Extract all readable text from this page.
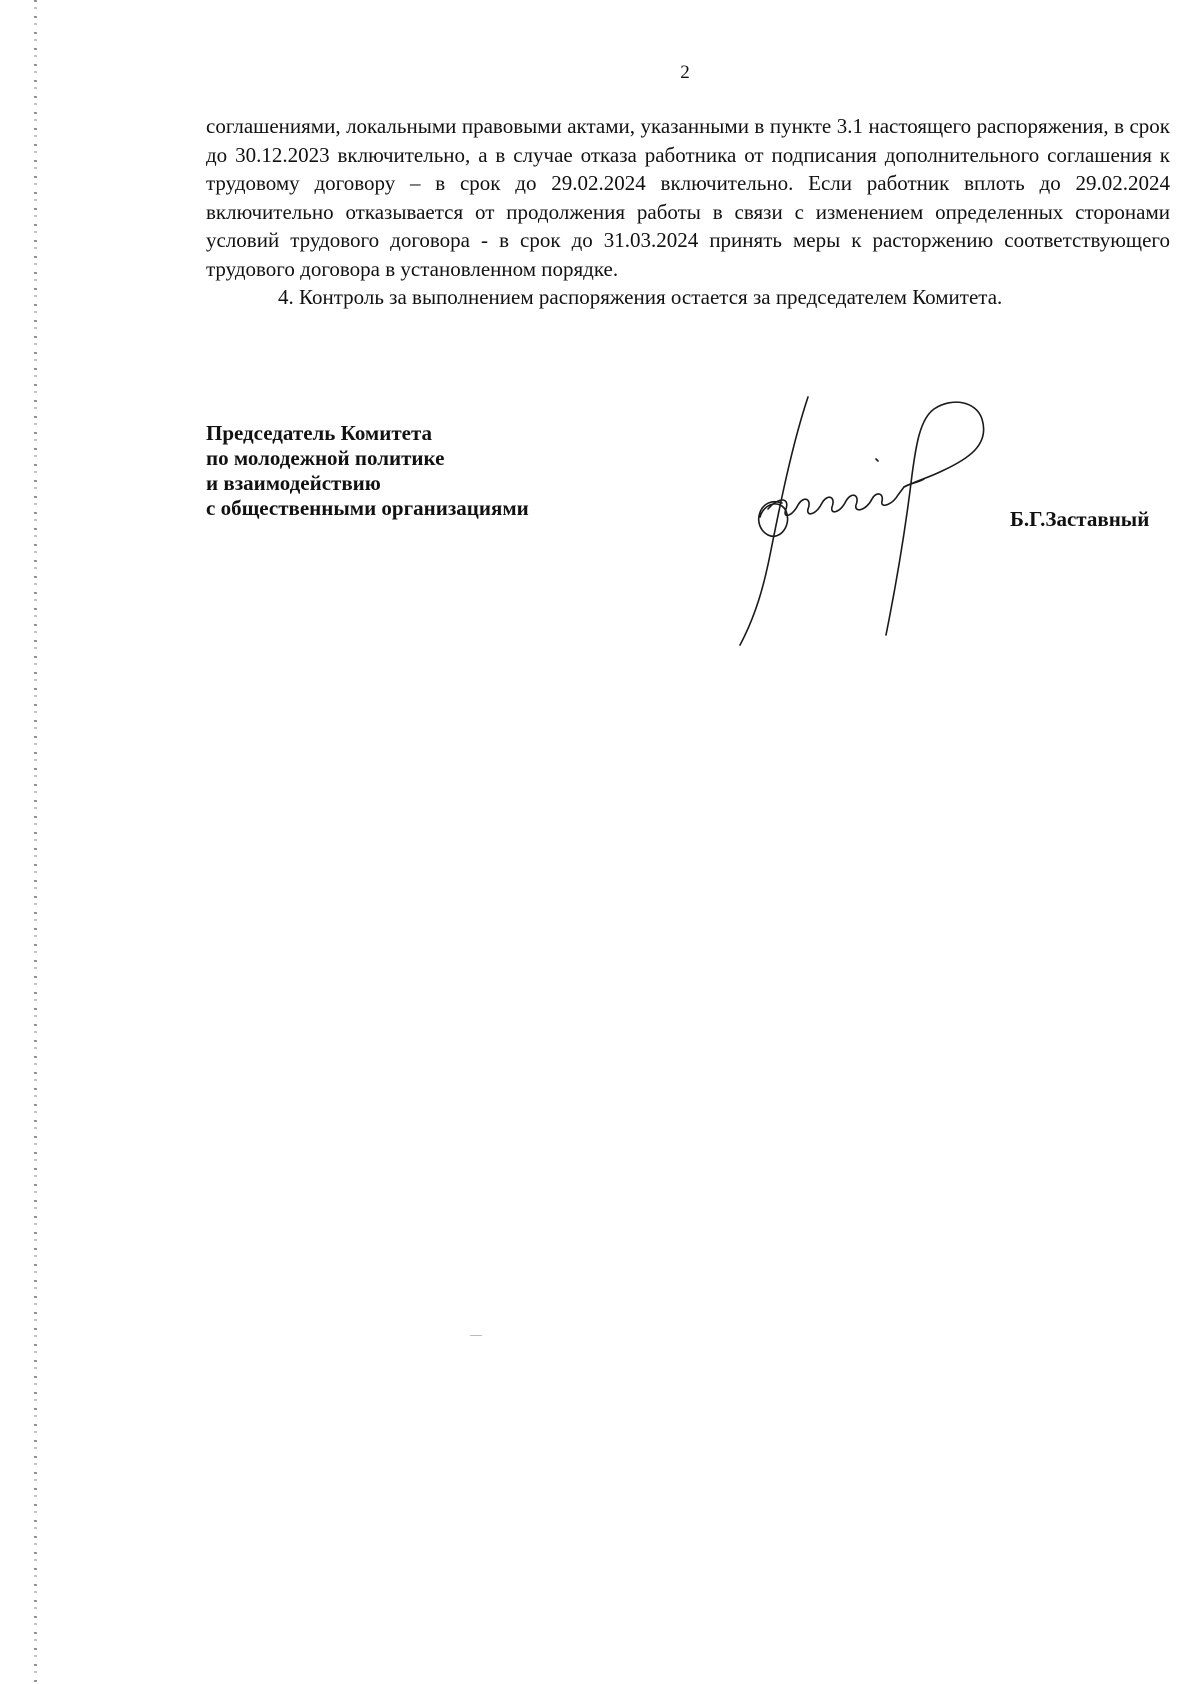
2

соглашениями, локальными правовыми актами, указанными в пункте 3.1 настоящего распоряжения, в срок до 30.12.2023 включительно, а в случае отказа работника от подписания дополнительного соглашения к трудовому договору – в срок до 29.02.2024 включительно. Если работник вплоть до 29.02.2024 включительно отказывается от продолжения работы в связи с изменением определенных сторонами условий трудового договора - в срок до 31.03.2024 принять меры к расторжению соответствующего трудового договора в установленном порядке.

4. Контроль за выполнением распоряжения остается за председателем Комитета.

Председатель Комитета
по молодежной политике
и взаимодействию
с общественными организациями	Б.Г.Заставный
